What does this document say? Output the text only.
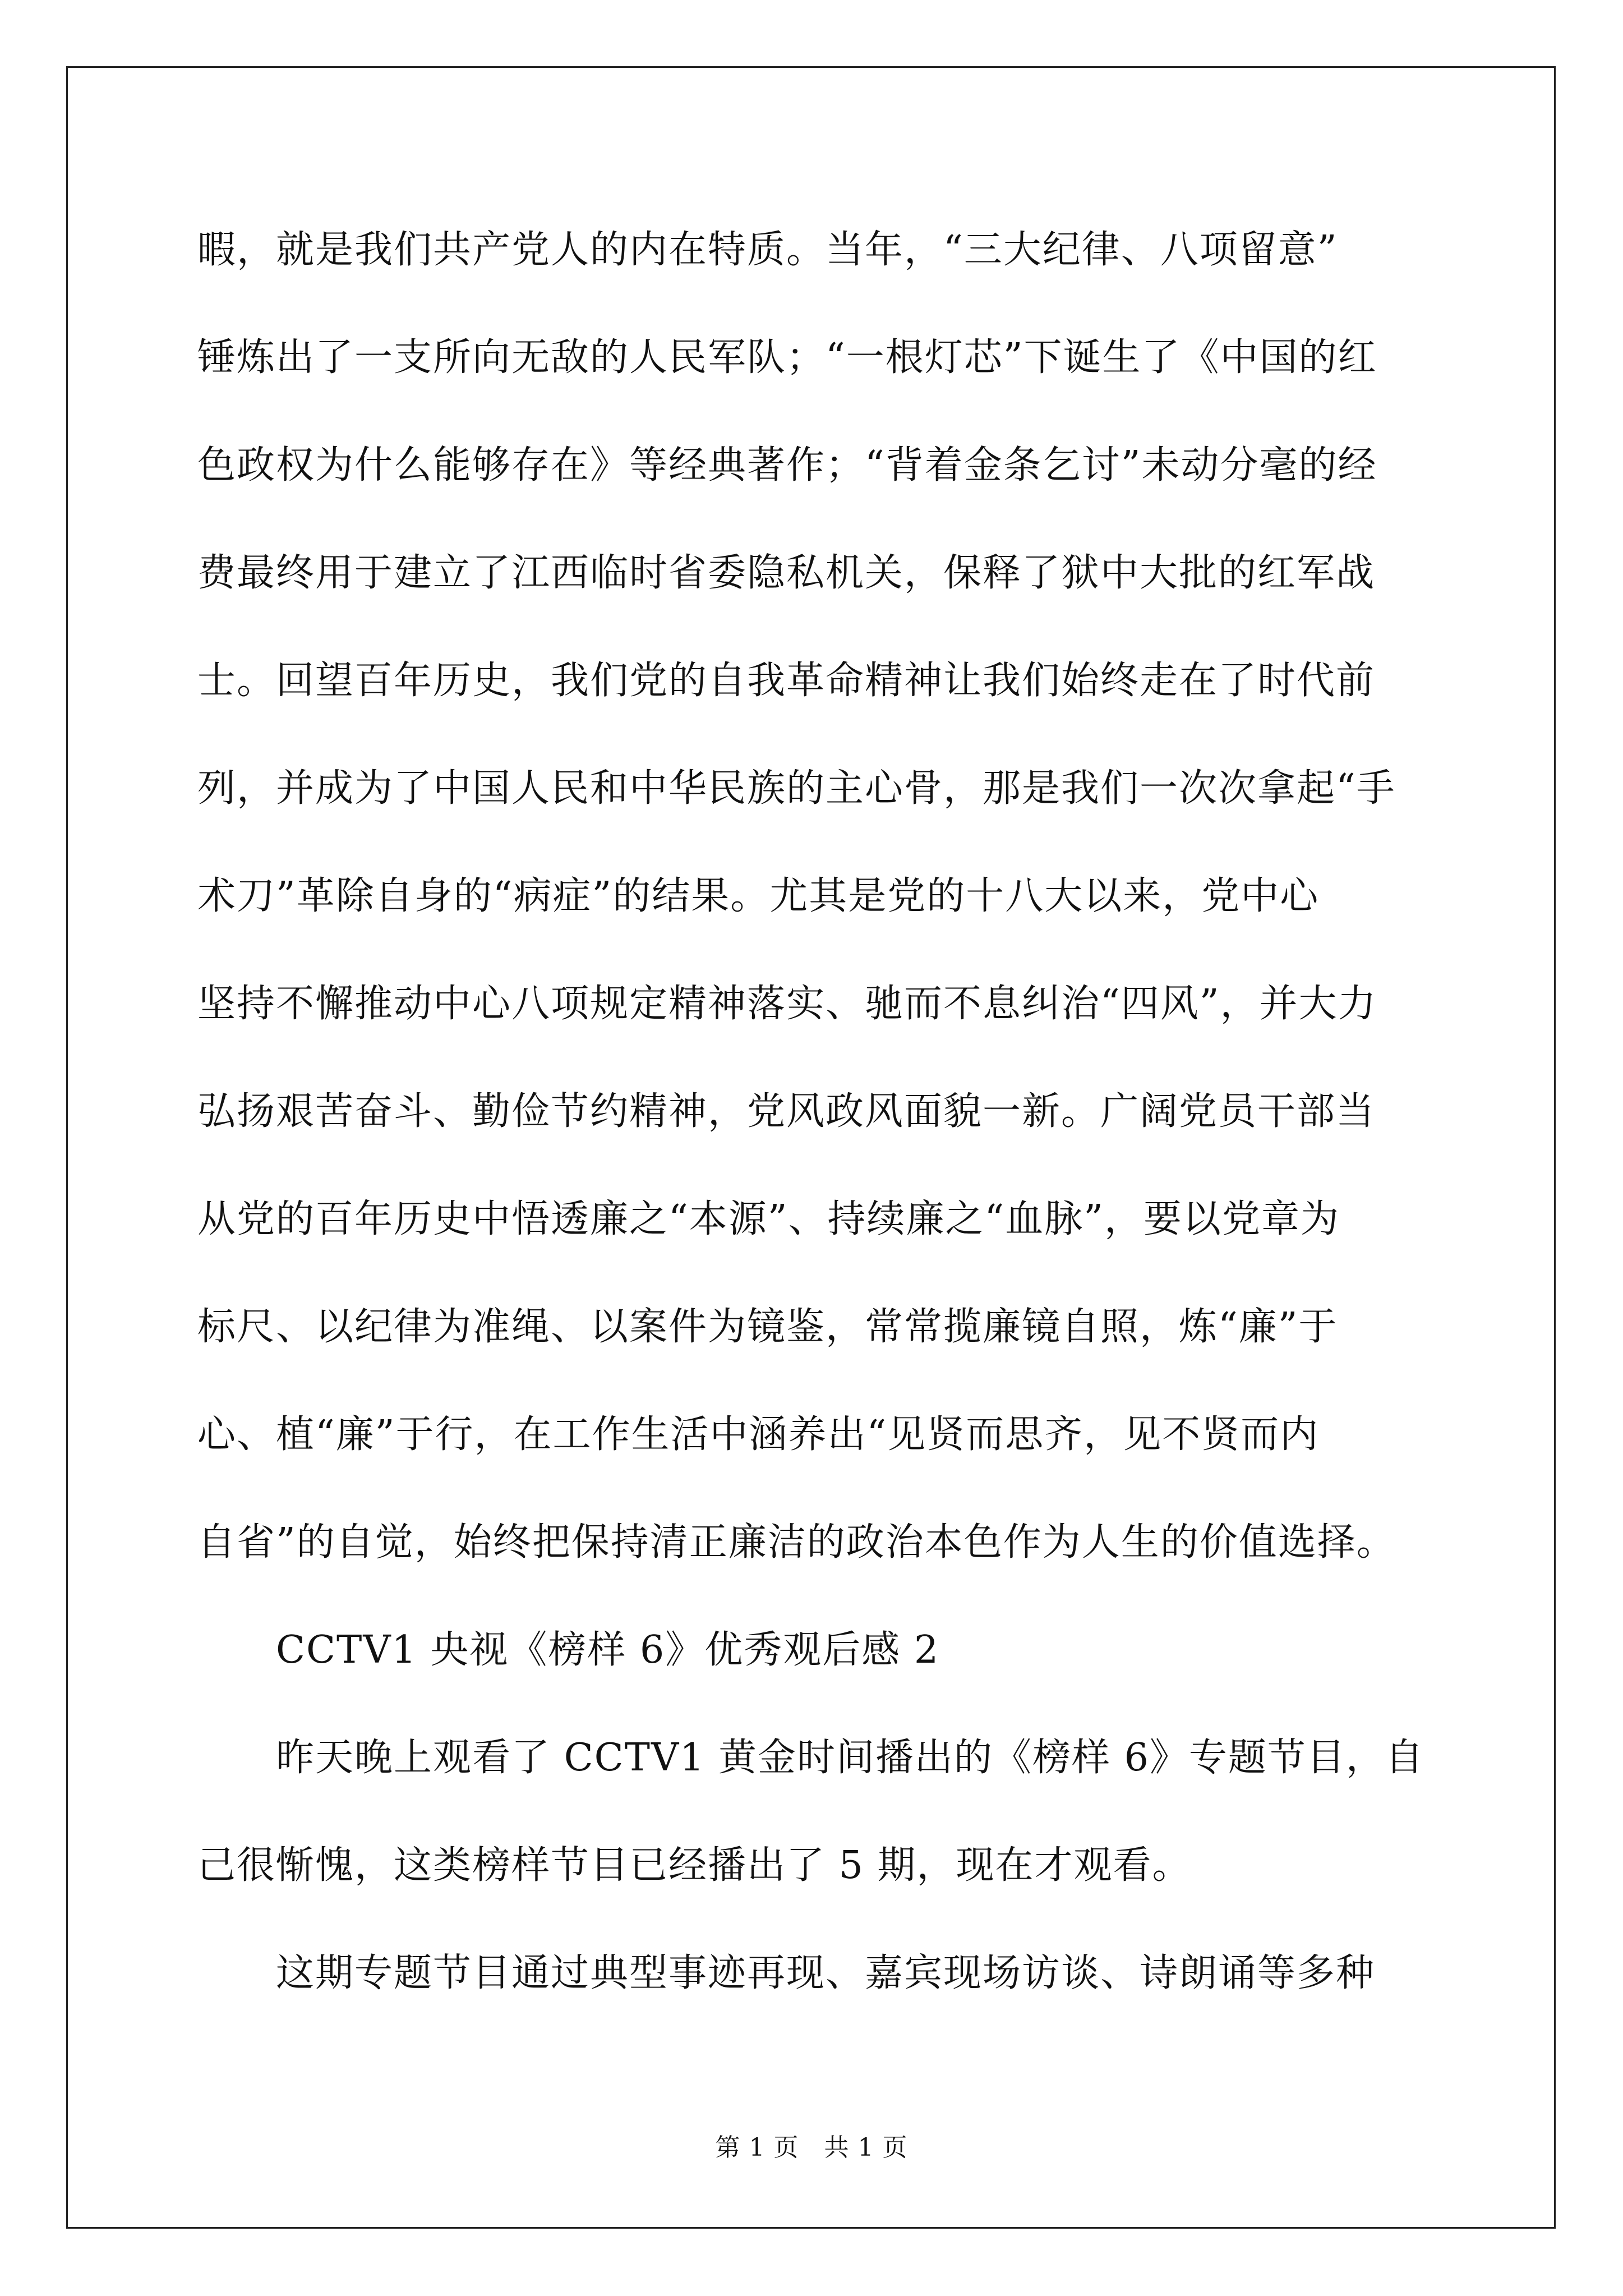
暇，就是我们共产党人的内在特质。当年，“三大纪律、八项留意”
锤炼出了一支所向无敌的人民军队；“一根灯芯”下诞生了《中国的红
色政权为什么能够存在》等经典著作；“背着金条乞讨”未动分毫的经
费最终用于建立了江西临时省委隐私机关，保释了狱中大批的红军战
士。回望百年历史，我们党的自我革命精神让我们始终走在了时代前
列，并成为了中国人民和中华民族的主心骨，那是我们一次次拿起“手
术刀”革除自身的“病症”的结果。尤其是党的十八大以来，党中心
坚持不懈推动中心八项规定精神落实、驰而不息纠治“四风”，并大力
弘扬艰苦奋斗、勤俭节约精神，党风政风面貌一新。广阔党员干部当
从党的百年历史中悟透廉之“本源”、持续廉之“血脉”，要以党章为
标尺、以纪律为准绳、以案件为镜鉴，常常揽廉镜自照，炼“廉”于
心、植“廉”于行，在工作生活中涵养出“见贤而思齐，见不贤而内
自省”的自觉，始终把保持清正廉洁的政治本色作为人生的价值选择。
CCTV1 央视《榜样 6》优秀观后感 2
昨天晚上观看了 CCTV1 黄金时间播出的《榜样 6》专题节目，自
己很惭愧，这类榜样节目已经播出了 5 期，现在才观看。
这期专题节目通过典型事迹再现、嘉宾现场访谈、诗朗诵等多种
第 1 页　共 1 页
